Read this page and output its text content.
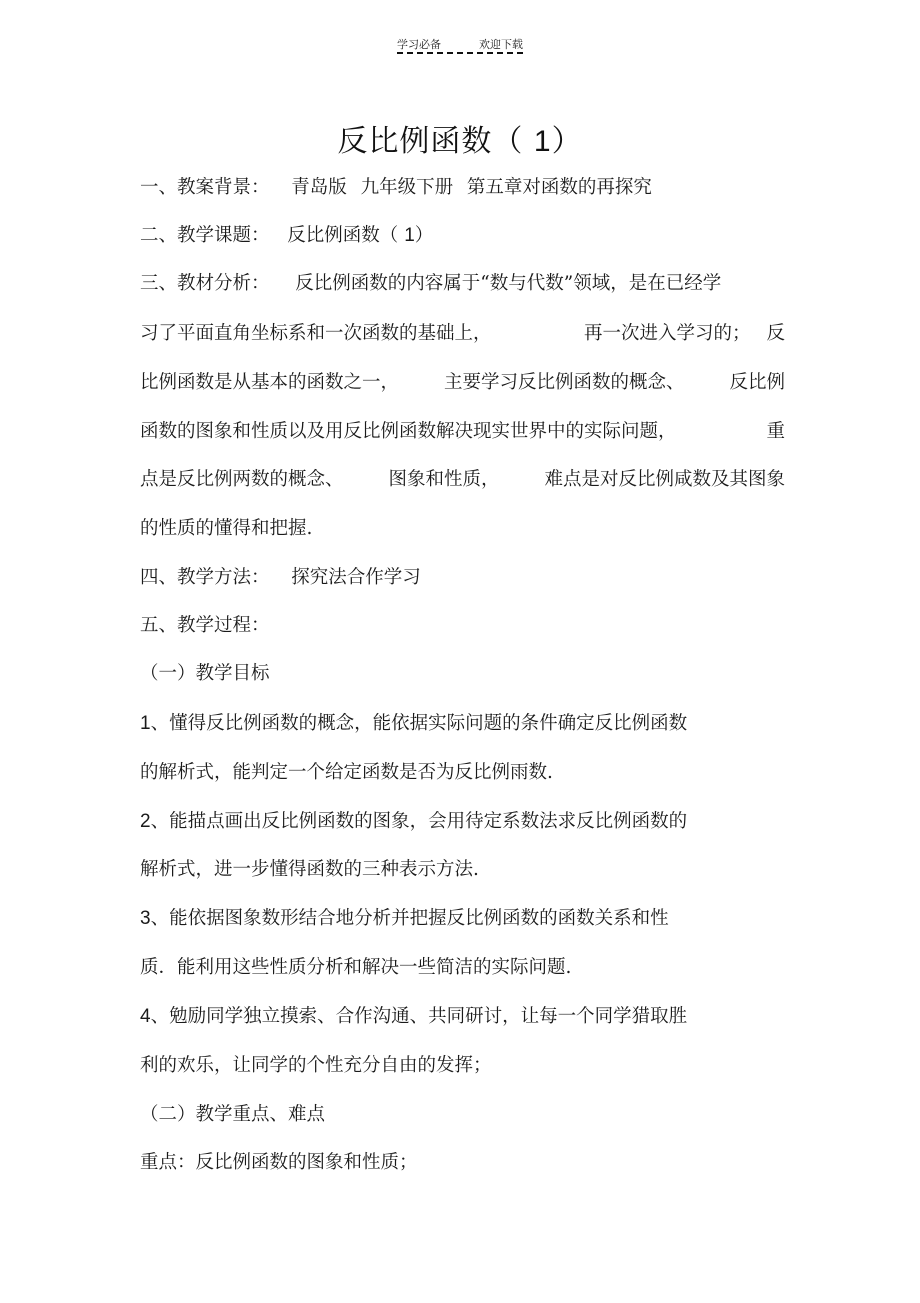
学习必备	欢迎下载
反比例函数（ 1）
一、教案背景： 青岛版 九年级下册 第五章对函数的再探究
二、教学课题： 反比例函数（ 1）
三、教材分析： 反比例函数的内容属于“数与代数”领域，是在已经学
习了平面直角坐标系和一次函数的基础上，	再一次进入学习的； 反
比例函数是从基本的函数之一， 主要学习反比例函数的概念、 反比例
函数的图象和性质以及用反比例函数解决现实世界中的实际问题，	重
点是反比例两数的概念、 图象和性质， 难点是对反比例咸数及其图象
的性质的懂得和把握.
四、教学方法： 探究法合作学习
五、教学过程：
（一）教学目标
1、懂得反比例函数的概念，能依据实际问题的条件确定反比例函数
的解析式，能判定一个给定函数是否为反比例雨数.
2、能描点画出反比例函数的图象，会用待定系数法求反比例函数的
解析式，进一步懂得函数的三种表示方法.
3、能依据图象数形结合地分析并把握反比例函数的函数关系和性
质．能利用这些性质分析和解决一些简洁的实际问题.
4、勉励同学独立摸索、合作沟通、共同研讨，让每一个同学猎取胜
利的欢乐，让同学的个性充分自由的发挥；
（二）教学重点、难点
重点：反比例函数的图象和性质；
